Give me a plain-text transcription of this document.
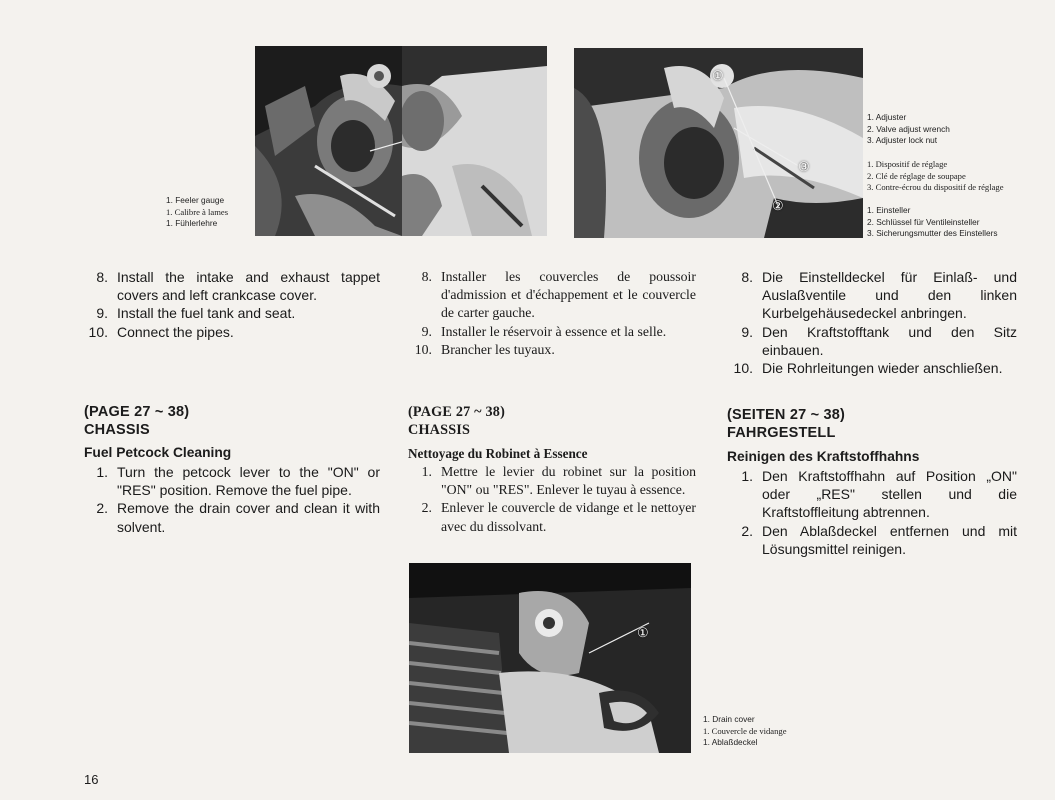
1. Feeler gauge
1. Calibre à lames
1. Fühlerlehre
①
②
③
1. Adjuster
2. Valve adjust wrench
3. Adjuster lock nut
1. Dispositif de réglage
2. Clé de réglage de soupape
3. Contre-écrou du dispositif de réglage
1. Einsteller
2. Schlüssel für Ventileinsteller
3. Sicherungsmutter des Einstellers
8. Install the intake and exhaust tappet covers and left crankcase cover.
9. Install the fuel tank and seat.
10. Connect the pipes.
(PAGE 27 ~ 38)
CHASSIS
Fuel Petcock Cleaning
1. Turn the petcock lever to the "ON" or "RES" position. Remove the fuel pipe.
2. Remove the drain cover and clean it with solvent.
8. Installer les couvercles de poussoir d'admission et d'échappement et le couvercle de carter gauche.
9. Installer le réservoir à essence et la selle.
10. Brancher les tuyaux.
(PAGE 27 ~ 38)
CHASSIS
Nettoyage du Robinet à Essence
1. Mettre le levier du robinet sur la position "ON" ou "RES". Enlever le tuyau à essence.
2. Enlever le couvercle de vidange et le nettoyer avec du dissolvant.
8. Die Einstelldeckel für Einlaß- und Auslaßventile und den linken Kurbelgehäusedeckel anbringen.
9. Den Kraftstofftank und den Sitz einbauen.
10. Die Rohrleitungen wieder anschließen.
(SEITEN 27 ~ 38)
FAHRGESTELL
Reinigen des Kraftstoffhahns
1. Den Kraftstoffhahn auf Position „ON" oder „RES" stellen und die Kraftstoffleitung abtrennen.
2. Den Ablaßdeckel entfernen und mit Lösungsmittel reinigen.
①
1. Drain cover
1. Couvercle de vidange
1. Ablaßdeckel
16
